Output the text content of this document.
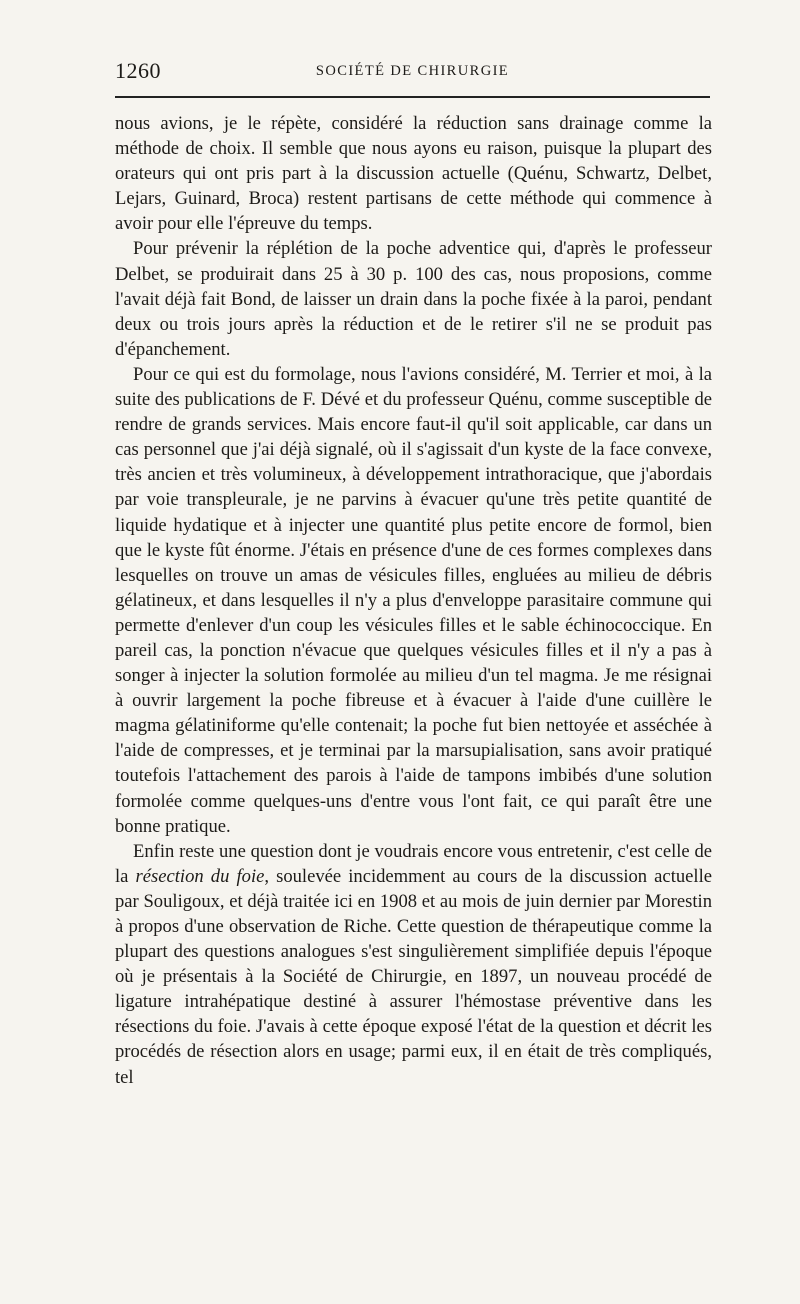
1260	SOCIÉTÉ DE CHIRURGIE

nous avions, je le répète, considéré la réduction sans drainage comme la méthode de choix. Il semble que nous ayons eu raison, puisque la plupart des orateurs qui ont pris part à la discussion actuelle (Quénu, Schwartz, Delbet, Lejars, Guinard, Broca) restent partisans de cette méthode qui commence à avoir pour elle l'épreuve du temps.

Pour prévenir la réplétion de la poche adventice qui, d'après le professeur Delbet, se produirait dans 25 à 30 p. 100 des cas, nous proposions, comme l'avait déjà fait Bond, de laisser un drain dans la poche fixée à la paroi, pendant deux ou trois jours après la réduction et de le retirer s'il ne se produit pas d'épanchement.

Pour ce qui est du formolage, nous l'avions considéré, M. Terrier et moi, à la suite des publications de F. Dévé et du professeur Quénu, comme susceptible de rendre de grands services. Mais encore faut-il qu'il soit applicable, car dans un cas personnel que j'ai déjà signalé, où il s'agissait d'un kyste de la face convexe, très ancien et très volumineux, à développement intrathoracique, que j'abordais par voie transpleurale, je ne parvins à évacuer qu'une très petite quantité de liquide hydatique et à injecter une quantité plus petite encore de formol, bien que le kyste fût énorme. J'étais en présence d'une de ces formes complexes dans lesquelles on trouve un amas de vésicules filles, engluées au milieu de débris gélatineux, et dans lesquelles il n'y a plus d'enveloppe parasitaire commune qui permette d'enlever d'un coup les vésicules filles et le sable échinococcique. En pareil cas, la ponction n'évacue que quelques vésicules filles et il n'y a pas à songer à injecter la solution formolée au milieu d'un tel magma. Je me résignai à ouvrir largement la poche fibreuse et à évacuer à l'aide d'une cuillère le magma gélatiniforme qu'elle contenait; la poche fut bien nettoyée et asséchée à l'aide de compresses, et je terminai par la marsupialisation, sans avoir pratiqué toutefois l'attachement des parois à l'aide de tampons imbibés d'une solution formolée comme quelques-uns d'entre vous l'ont fait, ce qui paraît être une bonne pratique.

Enfin reste une question dont je voudrais encore vous entretenir, c'est celle de la résection du foie, soulevée incidemment au cours de la discussion actuelle par Souligoux, et déjà traitée ici en 1908 et au mois de juin dernier par Morestin à propos d'une observation de Riche. Cette question de thérapeutique comme la plupart des questions analogues s'est singulièrement simplifiée depuis l'époque où je présentais à la Société de Chirurgie, en 1897, un nouveau procédé de ligature intrahépatique destiné à assurer l'hémostase préventive dans les résections du foie. J'avais à cette époque exposé l'état de la question et décrit les procédés de résection alors en usage; parmi eux, il en était de très compliqués, tel
